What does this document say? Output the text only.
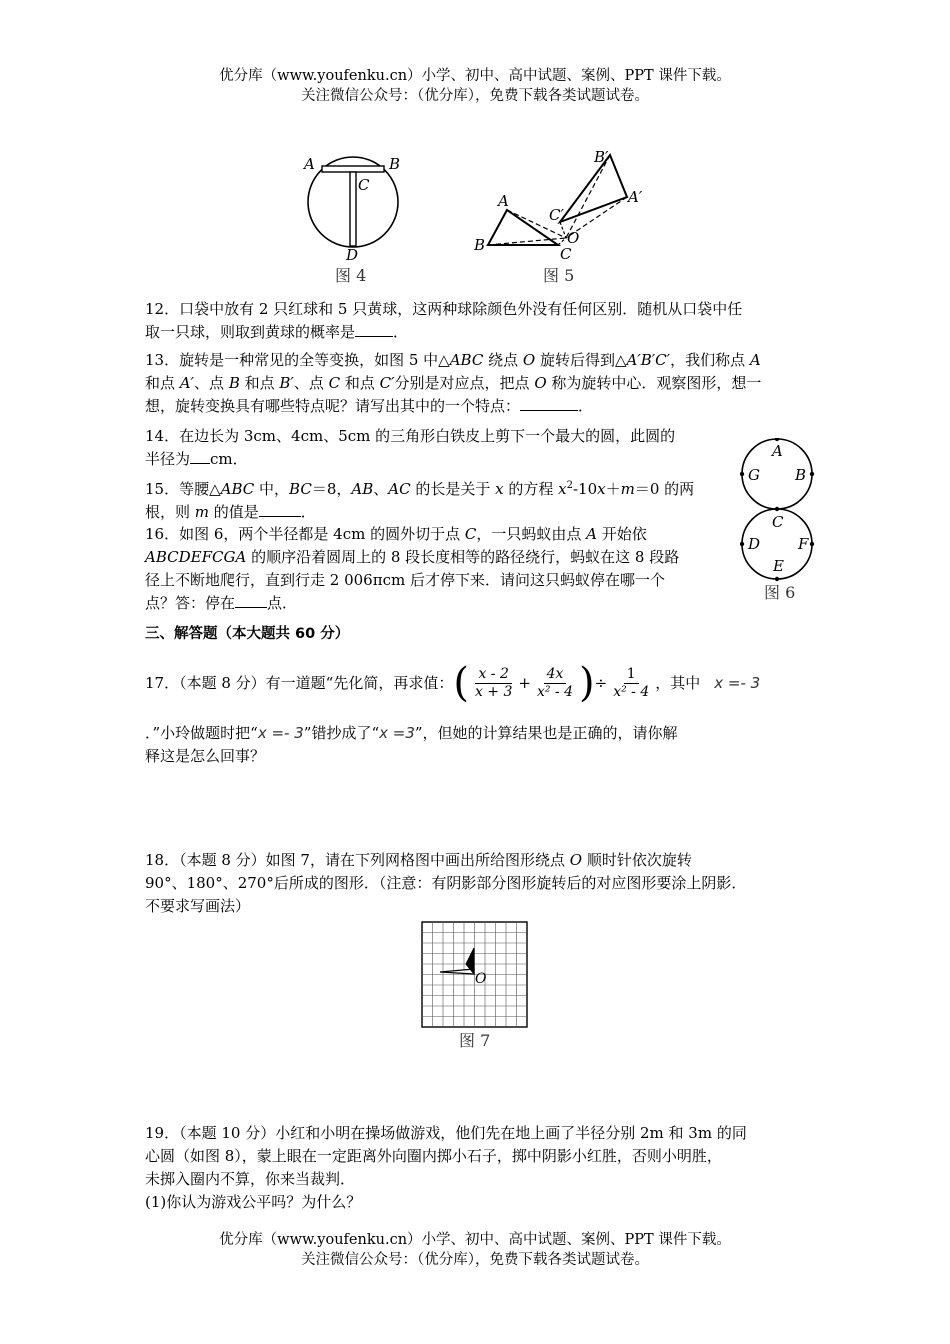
优分库（www.youfenku.cn）小学、初中、高中试题、案例、PPT 课件下载。
关注微信公众号：（优分库），免费下载各类试题试卷。
A	B
C
D
图 4
A
B	C
O
A′
B′
C′
图 5
12．口袋中放有 2 只红球和 5 只黄球，这两种球除颜色外没有任何区别．随机从口袋中任
取一只球，则取到黄球的概率是	．
13．旋转是一种常见的全等变换，如图 5 中△ABC 绕点 O 旋转后得到△A′B′C′，我们称点 A
和点 A′、点 B 和点 B′、点 C 和点 C′分别是对应点，把点 O 称为旋转中心．观察图形，想一
想，旋转变换具有哪些特点呢？请写出其中的一个特点：	．
14．在边长为 3cm、4cm、5cm 的三角形白铁皮上剪下一个最大的圆，此圆的
半径为 cm．
15．等腰△ABC 中，BC＝8，AB、AC 的长是关于 x 的方程 $x^2-10x+m=0$ 的两
根，则 m 的值是	．
16．如图 6，两个半径都是 4cm 的圆外切于点 C，一只蚂蚁由点 A 开始依
ABCDEFCGA 的顺序沿着圆周上的 8 段长度相等的路径绕行，蚂蚁在这 8 段路
径上不断地爬行，直到行走 2 006πcm 后才停下来．请问这只蚂蚁停在哪一个
点？答：停在 点．
A
B
G
C
D	F
E
图 6
三、解答题（本大题共 60 分）
17．（本题 8 分）有一道题“先化简，再求值： ( $\frac{x - 2}{x + 3} + \frac{4x}{\text{x² - 4}}$ ) ÷ $\frac{1}{\text{x² - 4}}$ ，其中 x =- 3
．”小玲做题时把“x =- 3”错抄成了“x =3”，但她的计算结果也是正确的，请你解
释这是怎么回事？
18．（本题 8 分）如图 7，请在下列网格图中画出所给图形绕点 O 顺时针依次旋转
90°、180°、270°后所成的图形．（注意：有阴影部分图形旋转后的对应图形要涂上阴影．
不要求写画法）
O
图 7
19．（本题 10 分）小红和小明在操场做游戏，他们先在地上画了半径分别 2m 和 3m 的同
心圆（如图 8），蒙上眼在一定距离外向圈内掷小石子，掷中阴影小红胜，否则小明胜，
未掷入圈内不算，你来当裁判．
(1)你认为游戏公平吗？为什么？
优分库（www.youfenku.cn）小学、初中、高中试题、案例、PPT 课件下载。
关注微信公众号：（优分库），免费下载各类试题试卷。
